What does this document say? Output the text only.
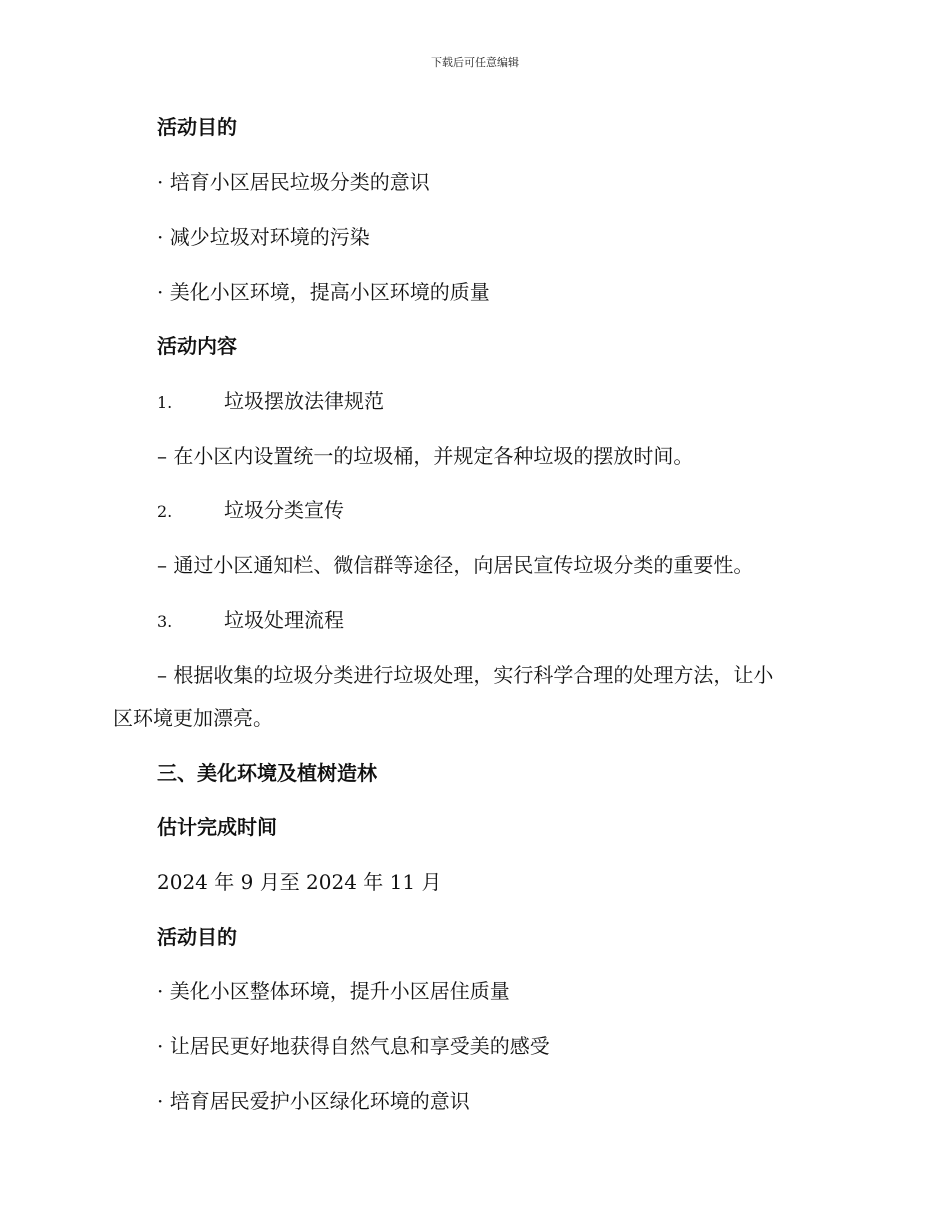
下载后可任意编辑
活动目的
· 培育小区居民垃圾分类的意识
· 减少垃圾对环境的污染
· 美化小区环境，提高小区环境的质量
活动内容
1.	垃圾摆放法律规范
– 在小区内设置统一的垃圾桶，并规定各种垃圾的摆放时间。
2.	垃圾分类宣传
– 通过小区通知栏、微信群等途径，向居民宣传垃圾分类的重要性。
3.	垃圾处理流程
– 根据收集的垃圾分类进行垃圾处理，实行科学合理的处理方法，让小
区环境更加漂亮。
三、美化环境及植树造林
估计完成时间
2024 年 9 月至 2024 年 11 月
活动目的
· 美化小区整体环境，提升小区居住质量
· 让居民更好地获得自然气息和享受美的感受
· 培育居民爱护小区绿化环境的意识
